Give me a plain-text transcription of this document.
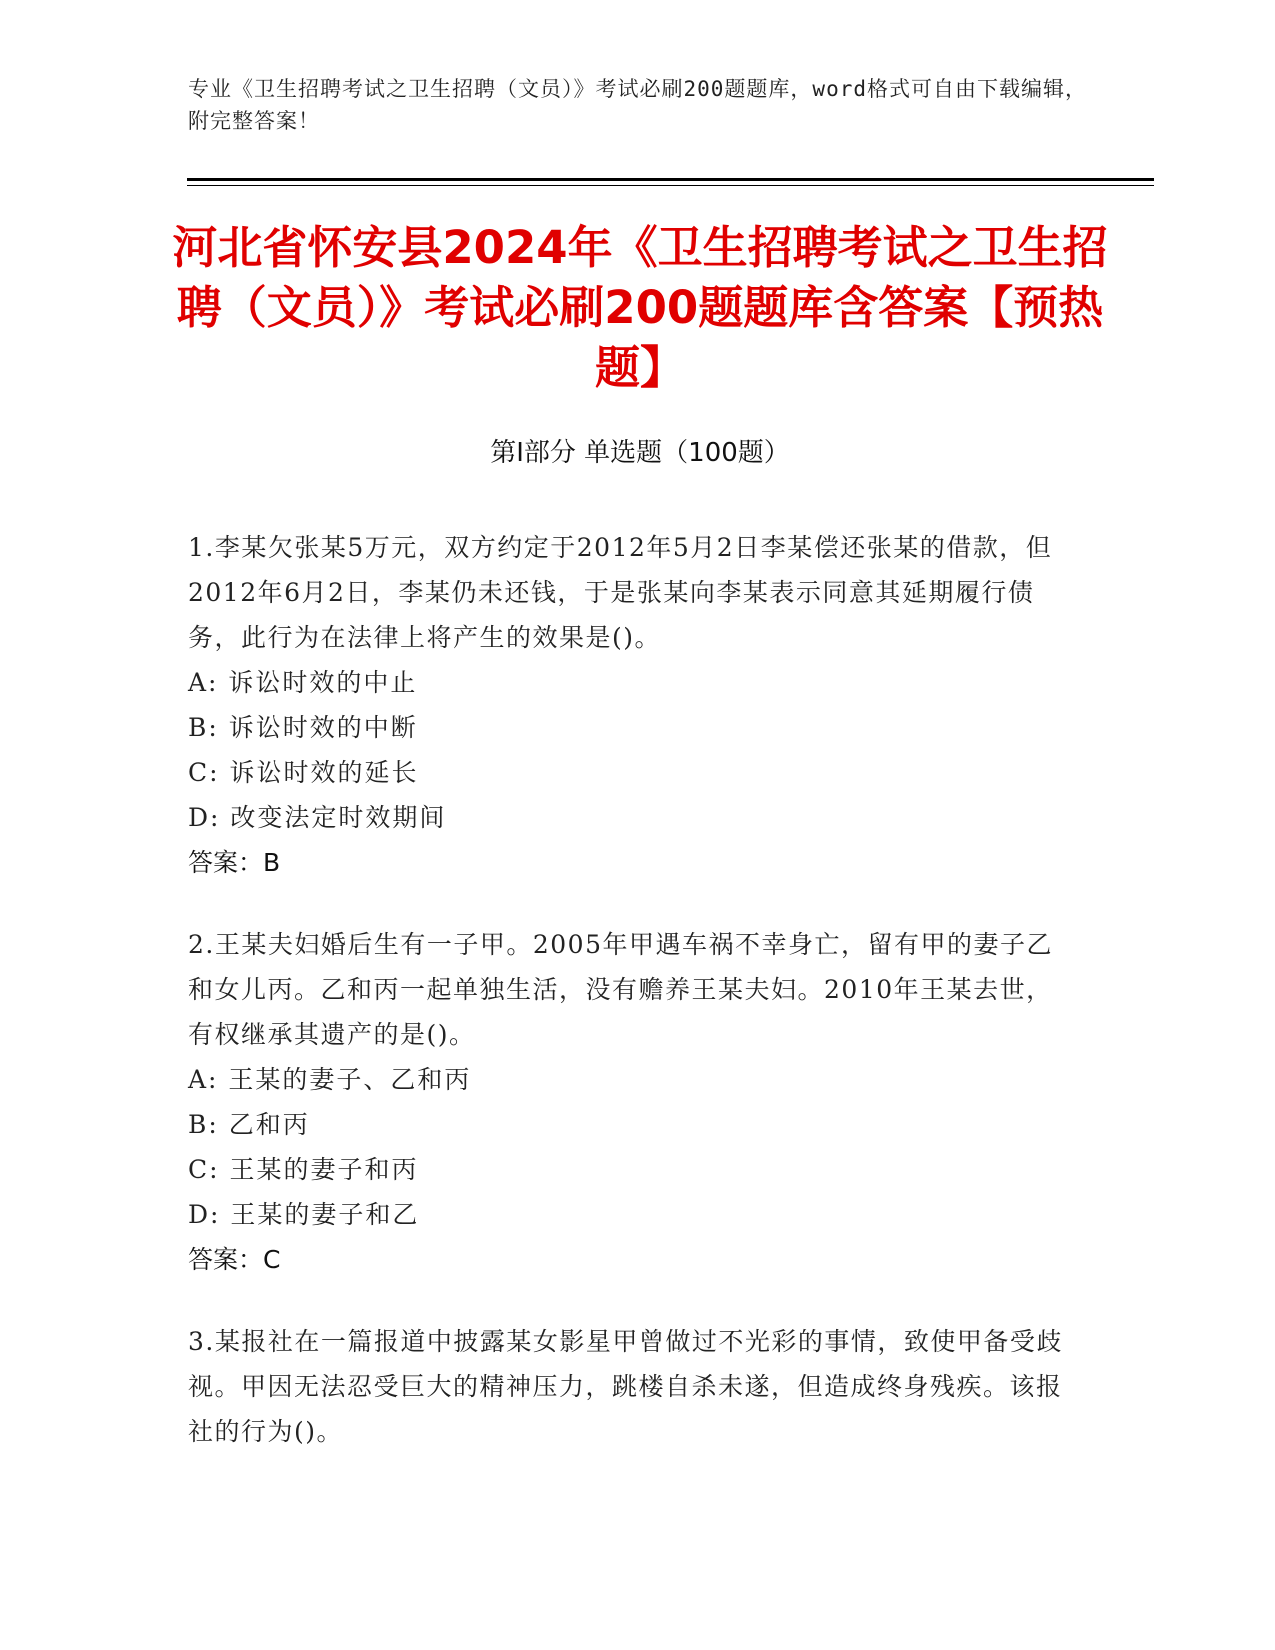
专业《卫生招聘考试之卫生招聘（文员）》考试必刷200题题库，word格式可自由下载编辑，附完整答案！
河北省怀安县2024年《卫生招聘考试之卫生招聘（文员）》考试必刷200题题库含答案【预热题】
第Ⅰ部分 单选题（100题）
1.李某欠张某5万元，双方约定于2012年5月2日李某偿还张某的借款，但2012年6月2日，李某仍未还钱，于是张某向李某表示同意其延期履行债务，此行为在法律上将产生的效果是()。
A: 诉讼时效的中止
B: 诉讼时效的中断
C: 诉讼时效的延长
D: 改变法定时效期间
答案：B
2.王某夫妇婚后生有一子甲。2005年甲遇车祸不幸身亡，留有甲的妻子乙和女儿丙。乙和丙一起单独生活，没有赡养王某夫妇。2010年王某去世，有权继承其遗产的是()。
A: 王某的妻子、乙和丙
B: 乙和丙
C: 王某的妻子和丙
D: 王某的妻子和乙
答案：C
3.某报社在一篇报道中披露某女影星甲曾做过不光彩的事情，致使甲备受歧视。甲因无法忍受巨大的精神压力，跳楼自杀未遂，但造成终身残疾。该报社的行为()。
